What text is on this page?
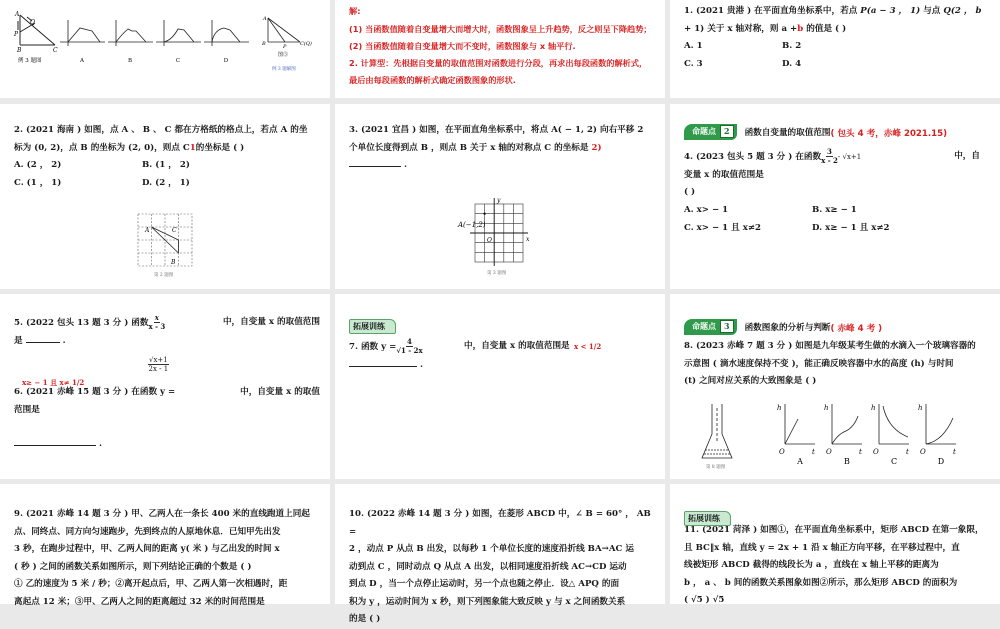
A
Q
P
B	C
例 3 题图	A	B	C	D
A
B	P	C(Q)
图③
例 3 题解图
解:
(1) 当函数值随着自变量增大而增大时，函数图象呈上升趋势，反之则呈下降趋势；
(2) 当函数值随着自变量增大而不变时，函数图象与 x 轴平行.
2. 计算型：先根据自变量的取值范围对函数进行分段，再求出每段函数的解析式，最后由每段函数的解析式确定函数图象的形状.
1. (2021 贵港 ) 在平面直角坐标系中，若点 P(a − 3 ， 1) 与点 Q(2 ， b
+ 1) 关于 x 轴对称，则 a +b 的值是 ( )
A. 1	B. 2
C. 3	D. 4
2. (2021 海南 ) 如图，点 A 、 B 、 C 都在方格纸的格点上，若点 A 的坐
标为 (0, 2)，点 B 的坐标为 (2, 0)，则点 C1的坐标是 ( )
A. (2 ， 2)	B. (1 ， 2)
C. (1 ， 1)	D. (2 ， 1)
A	C
B
第 2 题图
3. (2021 宜昌 ) 如图，在平面直角坐标系中，将点 A( − 1, 2) 向右平移 2
个单位长度得到点 B ，则点 B 关于 x 轴的对称点 C 的坐标是 2)
.
A(−1,2)
O	x
y
第 3 题图
命题点	2	函数自变量的取值范围( 包头 4 考，赤峰 2021.15)
4. (2023 包头 5 题 3 分 ) 在函数 $\frac{3}{x - 2} - √x+1$	中，自
变量 x 的取值范围是
( )
A. x> − 1	B. x≥ − 1
C. x> − 1 且 x≠2	D. x≥ − 1 且 x≠2
5. (2022 包头 13 题 3 分 ) 函数 $\frac{x}{x - 3}$	中，自变量 x 的取值范围
是	.
$\frac{√x+1}{2x - 1}$
x≥ − 1 且 x≠ 1/2
6. (2021 赤峰 15 题 3 分 ) 在函数 y =	中，自变量 x 的取值
范围是
.
拓展训练
7. 函数 $y = \frac{4}{√1 - 2x}$	中，自变量 x 的取值范围是 x < 1/2
.
命题点	3	函数图象的分析与判断( 赤峰 4 考 )
8. (2023 赤峰 7 题 3 分 ) 如图是九年级某考生做的水滴入一个玻璃容器的
示意图 ( 滴水速度保持不变 )，能正确反映容器中水的高度 (h) 与时间
(t) 之间对应关系的大致图象是 ( )
第 8 题图
h
O	t
h
O	t
h
O	t
h
O	t
A	B	C	D
9. (2021 赤峰 14 题 3 分 ) 甲、乙两人在一条长 400 米的直线跑道上同起
点、同终点、同方向匀速跑步，先到终点的人原地休息．已知甲先出发
3 秒，在跑步过程中，甲、乙两人间的距离 y( 米 ) 与乙出发的时间 x
( 秒 ) 之间的函数关系如图所示，则下列结论正确的个数是 ( )
① 乙的速度为 5 米 / 秒；②离开起点后，甲、乙两人第一次相遇时，距
离起点 12 米；③甲、乙两人之间的距离超过 32 米的时间范围是
10. (2022 赤峰 14 题 3 分 ) 如图，在菱形 ABCD 中，∠ B = 60° ， AB =
2 ，动点 P 从点 B 出发，以每秒 1 个单位长度的速度沿折线 BA→AC 运
动到点 C ，同时动点 Q 从点 A 出发，以相同速度沿折线 AC→CD 运动
到点 D ，当一个点停止运动时，另一个点也随之停止．设△ APQ 的面
积为 y ，运动时间为 x 秒，则下列图象能大致反映 y 与 x 之间函数关系
的是 ( )
拓展训练
11. (2021 菏泽 ) 如图①，在平面直角坐标系中，矩形 ABCD 在第一象限，
且 BC‖x 轴，直线 y = 2x + 1 沿 x 轴正方向平移，在平移过程中，直
线被矩形 ABCD 截得的线段长为 a ，直线在 x 轴上平移的距离为
b ， a 、 b 间的函数关系图象如图②所示，那么矩形 ABCD 的面积为
( √5 ) √5
